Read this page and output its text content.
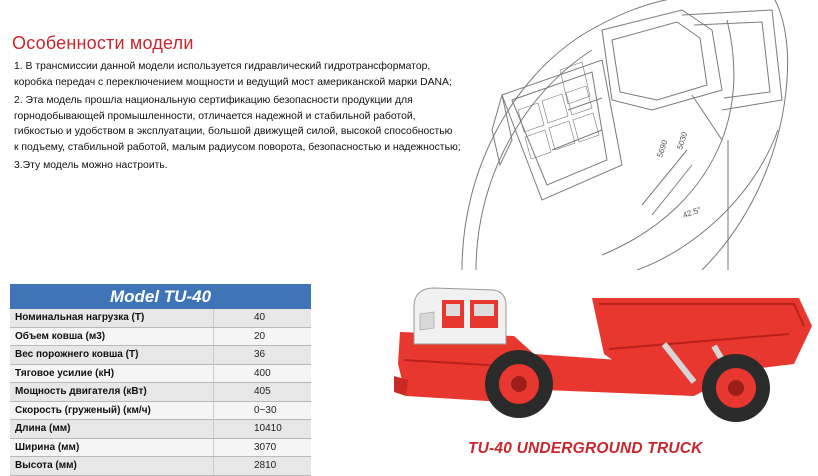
Особенности модели

1. В трансмиссии данной модели используется гидравлический гидротрансформатор,
коробка передач с переключением мощности и ведущий мост американской марки DANA;

2. Эта модель прошла национальную сертификацию безопасности продукции для
горнодобывающей промышленности, отличается надежной и стабильной работой,
гибкостью и удобством в эксплуатации, большой движущей силой, высокой способностью
к подъему, стабильной работой, малым радиусом поворота, безопасностью и надежностью;

3.Эту модель можно настроить.

5030
5690
42.5°
Model TU-40
Номинальная нагрузка (Т)	40
Объем ковша (м3)	20
Вес порожнего ковша (Т)	36
Тяговое усилие (кН)	400
Мощность двигателя (кВт)	405
Скорость (груженый) (км/ч)	0~30
Длина (мм)	10410
Ширина (мм)	3070
Высота (мм)	2810
TU-40 UNDERGROUND TRUCK
